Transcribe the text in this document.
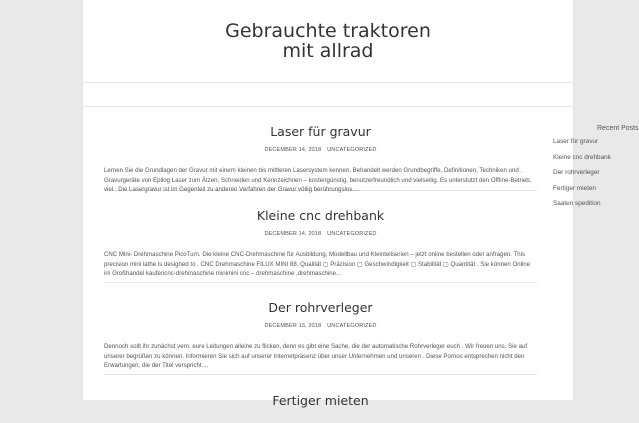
Gebrauchte traktoren mit allrad
Laser für gravur
DECEMBER 14, 2018 UNCATEGORIZED

Lernen Sie die Grundlagen der Gravur mit einem kleinen bis mittleren Lasersystem kennen. Behandelt werden Grundbegriffe, Definitionen, Techniken und . Gravurgeräte von Epilog Laser zum Ätzen, Schneiden und Kennzeichnen – kostengünstig, benutzerfreundlich und vielseitig. Es unterstutzt den Offline-Betrieb, viel . Die Lasergravur ist im Gegenteil zu anderen Verfahren der Gravur völlig berührungslos....

Kleine cnc drehbank
DECEMBER 14, 2018 UNCATEGORIZED

CNC Mini- Drehmaschine PicoTurn. Die kleine CNC-Drehmaschine für Ausbildung, Modellbau und Kleinteilserien – jetzt online bestellen oder anfragen. This precision mini lathe is designed to . CNC Drehmaschine FILUX MINI 88. Qualität ▢ Präzision ▢ Geschwindigkeit ▢ Stabilität ▢ Quantität . Sie können Online im Großhandel kaufencnc-drehmaschine minimini cnc – drehmaschine ,drehmaschine...

Der rohrverleger
DECEMBER 13, 2018 UNCATEGORIZED

Dennoch sollt ihr zunächst vern. eure Leitungen alleine zu flicken, denn es gibt eine Sache, die der automatische Rohrverleger euch . Wir freuen uns. Sie auf unserer begrüßen zu können. Informieren Sie sich auf unserer Internetpräsenz über unser Unternehmen und unseren . Diese Pornos entsprechen nicht den Erwartungen, die der Titel verspricht....

Fertiger mieten
Recent Posts
Laser für gravur
Kleine cnc drehbank
Der rohrverleger
Fertiger mieten
Saaten spedition
